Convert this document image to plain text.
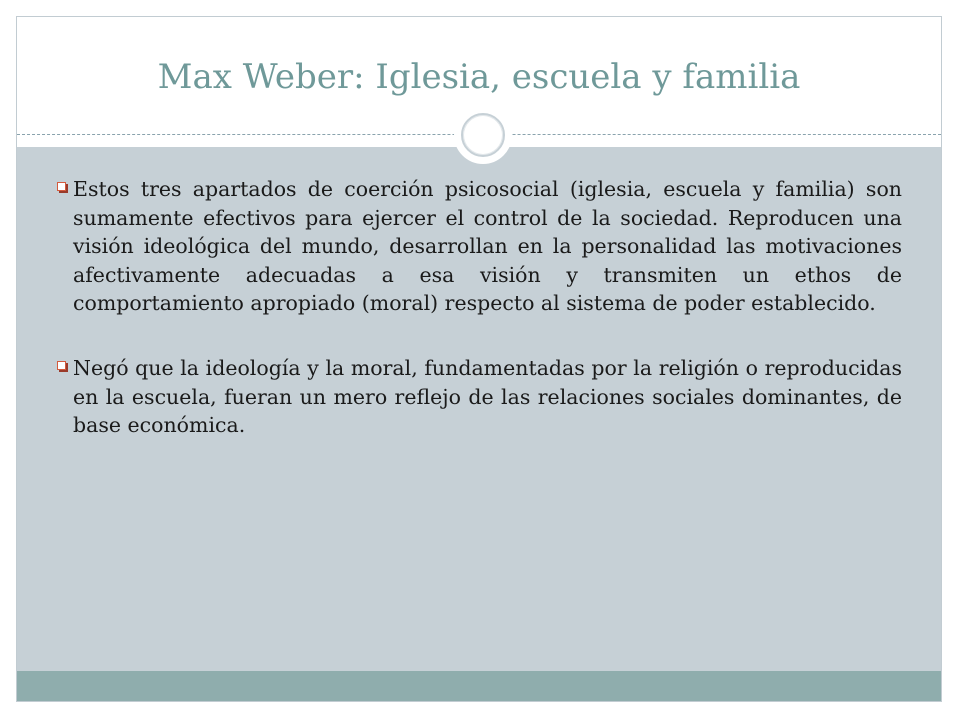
Max Weber: Iglesia, escuela y familia
Estos tres apartados de coerción psicosocial (iglesia, escuela y familia) son sumamente efectivos para ejercer el control de la sociedad. Reproducen una visión ideológica del mundo, desarrollan en la personalidad las motivaciones afectivamente adecuadas a esa visión y transmiten un ethos de comportamiento apropiado (moral) respecto al sistema de poder establecido.
Negó que la ideología y la moral, fundamentadas por la religión o reproducidas en la escuela, fueran un mero reflejo de las relaciones sociales dominantes, de base económica.
